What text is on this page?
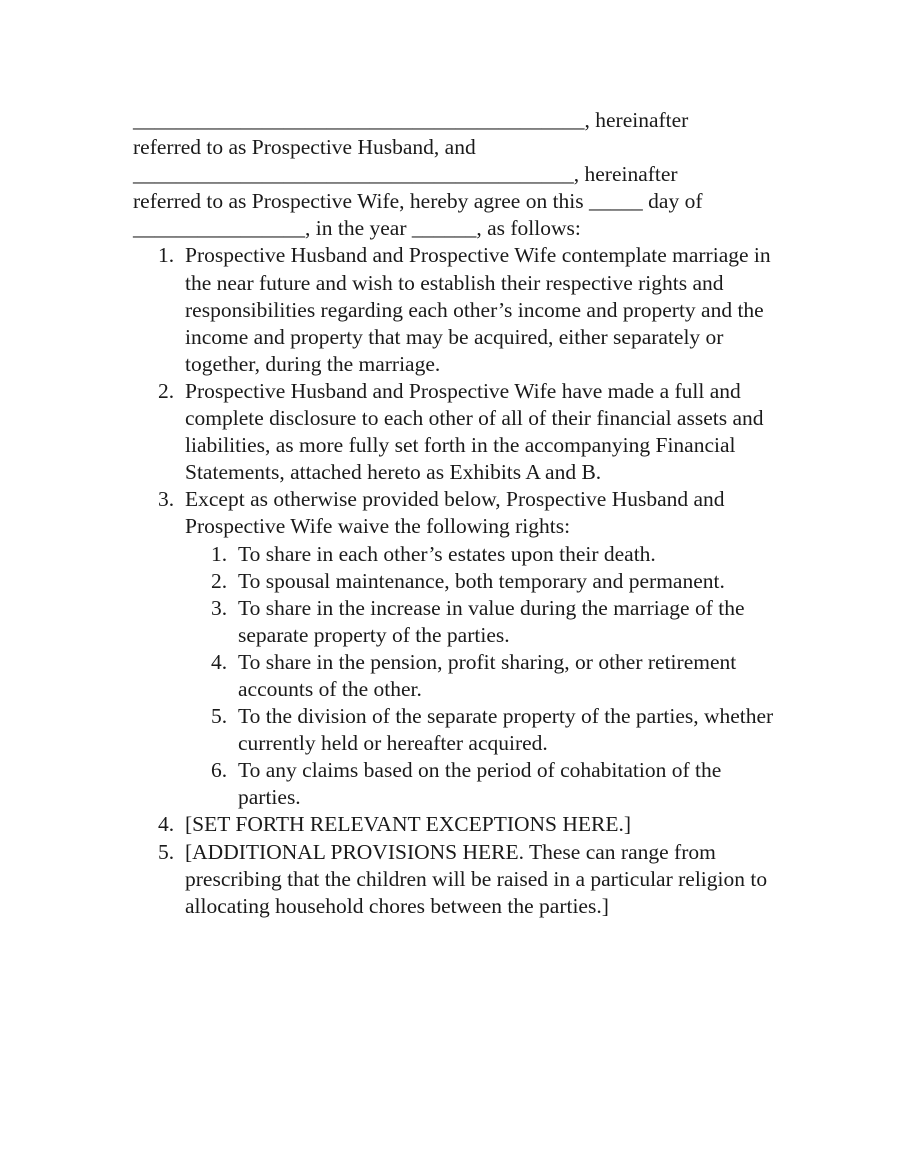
__________________________________________, hereinafter

referred to as Prospective Husband, and

_________________________________________, hereinafter

referred to as Prospective Wife, hereby agree on this _____ day of

________________, in the year ______, as follows:

1. Prospective Husband and Prospective Wife contemplate marriage in the near future and wish to establish their respective rights and responsibilities regarding each other’s income and property and the income and property that may be acquired, either separately or together, during the marriage.
2. Prospective Husband and Prospective Wife have made a full and complete disclosure to each other of all of their financial assets and liabilities, as more fully set forth in the accompanying Financial Statements, attached hereto as Exhibits A and B.
3. Except as otherwise provided below, Prospective Husband and Prospective Wife waive the following rights:
1. To share in each other’s estates upon their death.
2. To spousal maintenance, both temporary and permanent.
3. To share in the increase in value during the marriage of the separate property of the parties.
4. To share in the pension, profit sharing, or other retirement accounts of the other.
5. To the division of the separate property of the parties, whether currently held or hereafter acquired.
6. To any claims based on the period of cohabitation of the parties.
4. [SET FORTH RELEVANT EXCEPTIONS HERE.]
5. [ADDITIONAL PROVISIONS HERE. These can range from prescribing that the children will be raised in a particular religion to allocating household chores between the parties.]
